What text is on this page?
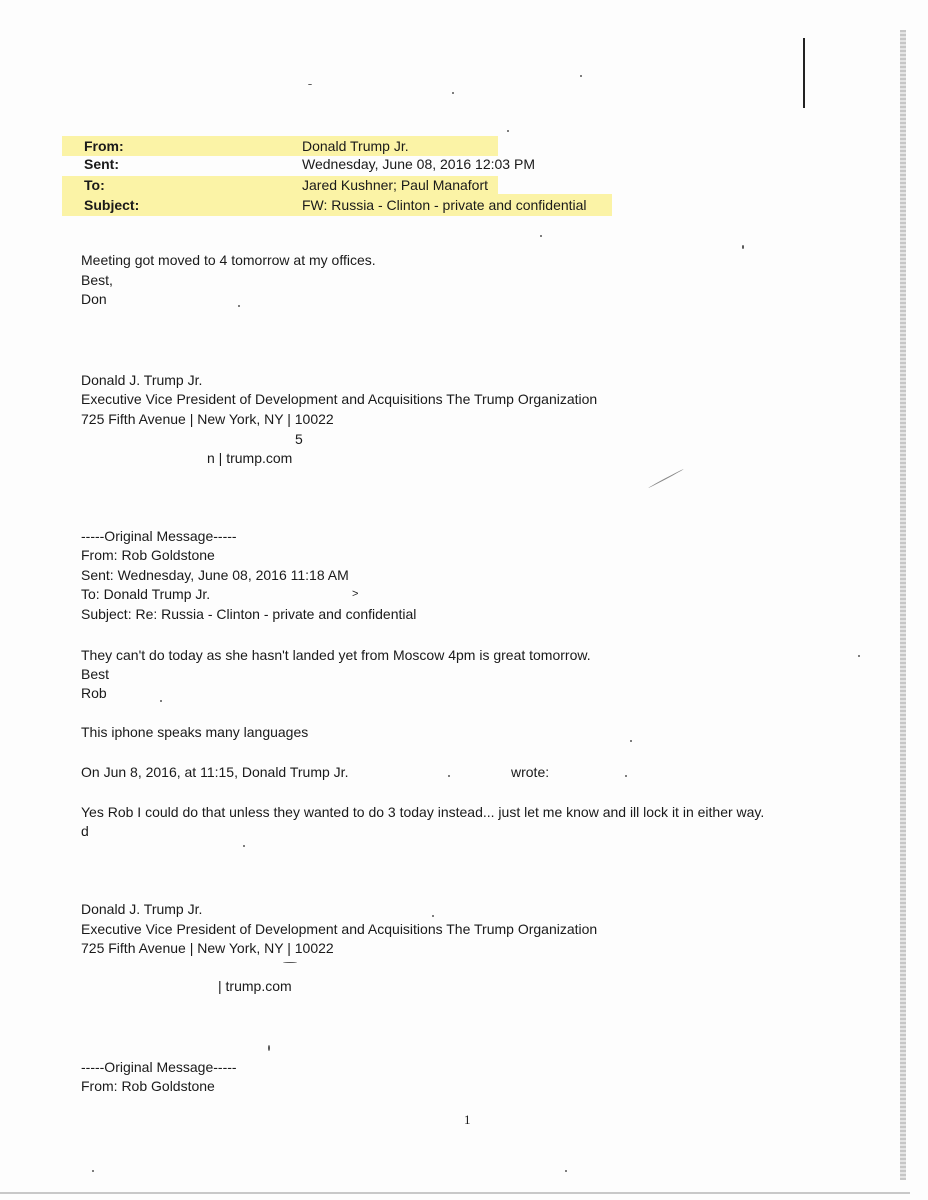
From:	Donald Trump Jr.
Sent:	Wednesday, June 08, 2016 12:03 PM
To:	Jared Kushner; Paul Manafort
Subject:	FW: Russia - Clinton - private and confidential
Meeting got moved to 4 tomorrow at my offices.
Best,
Don
Donald J. Trump Jr.
Executive Vice President of Development and Acquisitions The Trump Organization
725 Fifth Avenue | New York, NY | 10022
5
n | trump.com
-----Original Message-----
From: Rob Goldstone
Sent: Wednesday, June 08, 2016 11:18 AM
To: Donald Trump Jr.	>
Subject: Re: Russia - Clinton - private and confidential
They can't do today as she hasn't landed yet from Moscow 4pm is great tomorrow.
Best
Rob
This iphone speaks many languages
On Jun 8, 2016, at 11:15, Donald Trump Jr.	wrote:
Yes Rob I could do that unless they wanted to do 3 today instead... just let me know and ill lock it in either way.
d
Donald J. Trump Jr.
Executive Vice President of Development and Acquisitions The Trump Organization
725 Fifth Avenue | New York, NY | 10022
| trump.com
-----Original Message-----
From: Rob Goldstone
1
